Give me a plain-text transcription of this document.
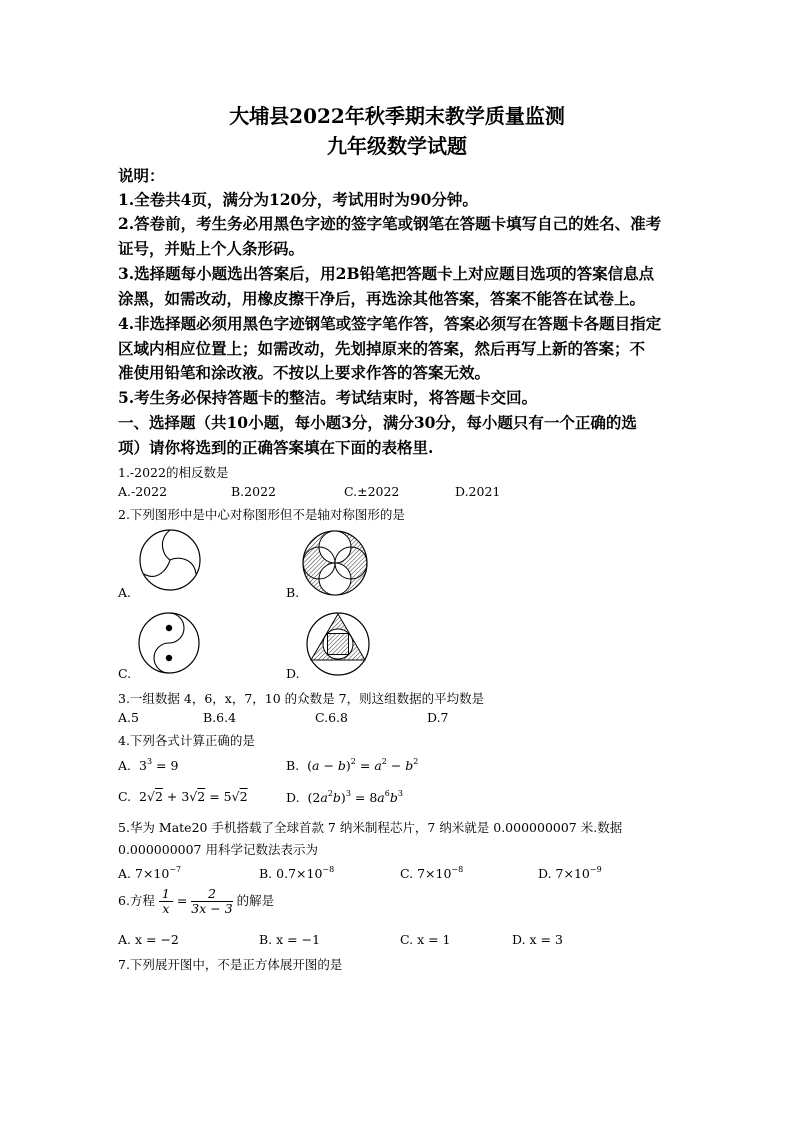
大埔县2022年秋季期末教学质量监测
九年级数学试题
说明：
1.全卷共4页，满分为120分，考试用时为90分钟。
2.答卷前，考生务必用黑色字迹的签字笔或钢笔在答题卡填写自己的姓名、准考
证号，并贴上个人条形码。
3.选择题每小题选出答案后，用2B铅笔把答题卡上对应题目选项的答案信息点
涂黑，如需改动，用橡皮擦干净后，再选涂其他答案，答案不能答在试卷上。
4.非选择题必须用黑色字迹钢笔或签字笔作答，答案必须写在答题卡各题目指定
区域内相应位置上；如需改动，先划掉原来的答案，然后再写上新的答案；不
准使用铅笔和涂改液。不按以上要求作答的答案无效。
5.考生务必保持答题卡的整洁。考试结束时，将答题卡交回。
一、选择题（共10小题，每小题3分，满分30分，每小题只有一个正确的选
项）请你将选到的正确答案填在下面的表格里.
1.-2022的相反数是
A.-2022	B.2022	C.±2022	D.2021
2.下列图形中是中心对称图形但不是轴对称图形的是
A.	B.
C.	D.
3.一组数据 4，6，x，7，10 的众数是 7，则这组数据的平均数是
A.5	B.6.4	C.6.8	D.7
4.下列各式计算正确的是
A.  $3^3 = 9$	B.  $(a - b)^2 = a^2 - b^2$
C.  2√2 + 3√2 = 5√2	D.  $(2a^2b)^3 = 8a^6b^3$
5.华为 Mate20 手机搭载了全球首款 7 纳米制程芯片，7 纳米就是 0.000000007 米.数据
0.000000007 用科学记数法表示为
A. $7\times 10^{-7}$	B. $0.7\times 10^{-8}$	C. $7\times 10^{-8}$	D. $7\times 10^{-9}$
6.方程 $\frac{1}{x} = \frac{2}{3x - 3}$ 的解是
A. x = −2	B. x = −1	C. x = 1	D. x = 3
7.下列展开图中，不是正方体展开图的是
